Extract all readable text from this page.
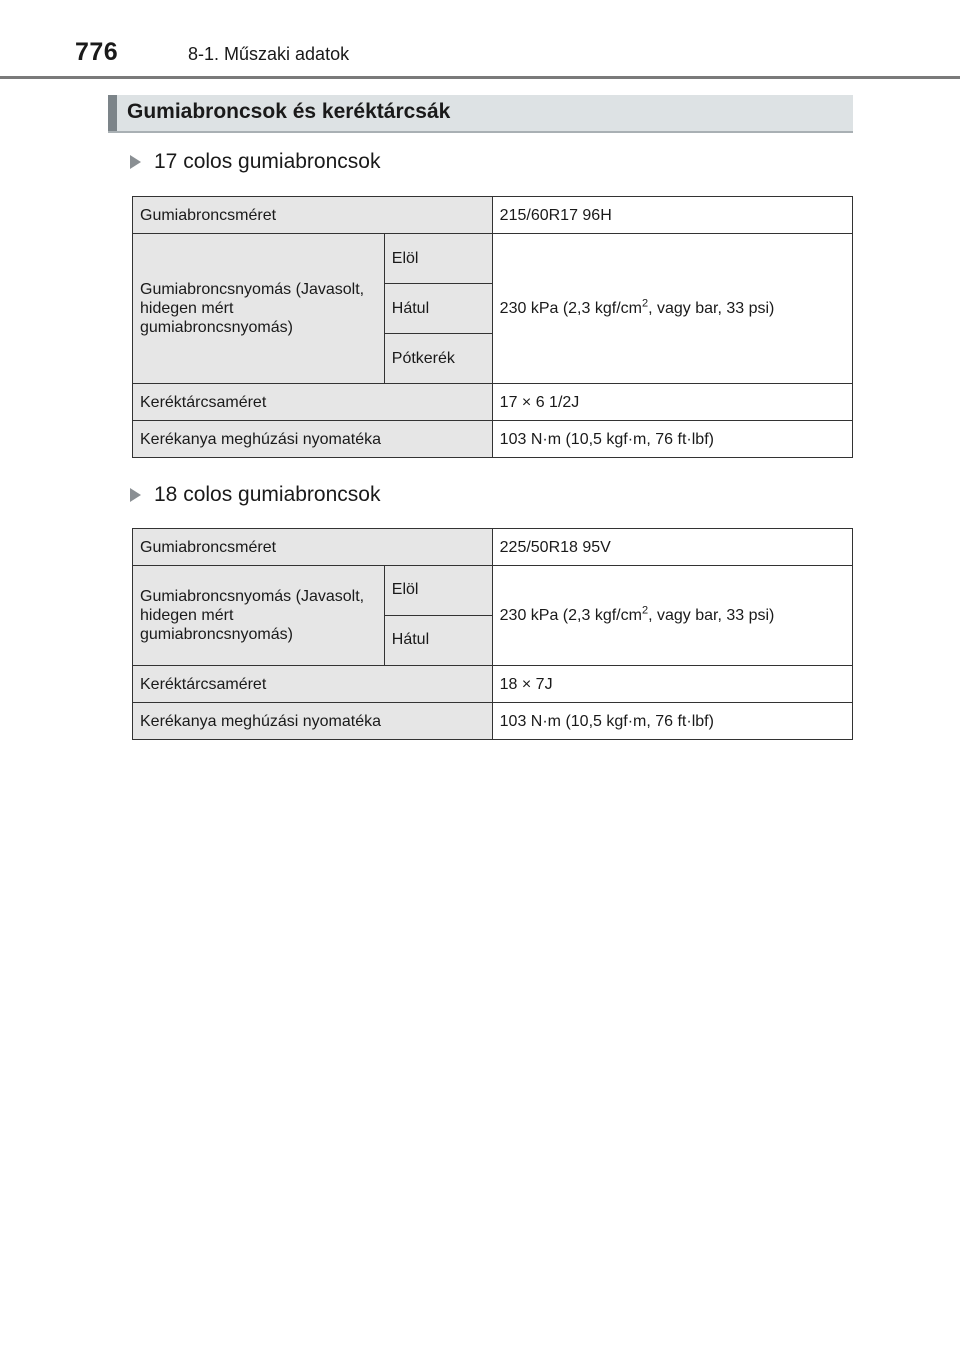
776	8-1. Műszaki adatok
Gumiabroncsok és keréktárcsák
17 colos gumiabroncsok
Gumiabroncsméret		215/60R17 96H
Gumiabroncsnyomás (Javasolt, hidegen mért gumiabroncsnyomás)	Elöl	230 kPa (2,3 kgf/$cm^2$, vagy bar, 33 psi)
	Hátul	
	Pótkerék	
Keréktárcsaméret		17 × 6 1/2J
Kerékanya meghúzási nyomatéka		103 N·m (10,5 kgf·m, 76 ft·lbf)
18 colos gumiabroncsok
Gumiabroncsméret		225/50R18 95V
Gumiabroncsnyomás (Javasolt, hidegen mért gumiabroncsnyomás)	Elöl	230 kPa (2,3 kgf/$cm^2$, vagy bar, 33 psi)
	Hátul	
Keréktárcsaméret		18 × 7J
Kerékanya meghúzási nyomatéka		103 N·m (10,5 kgf·m, 76 ft·lbf)
